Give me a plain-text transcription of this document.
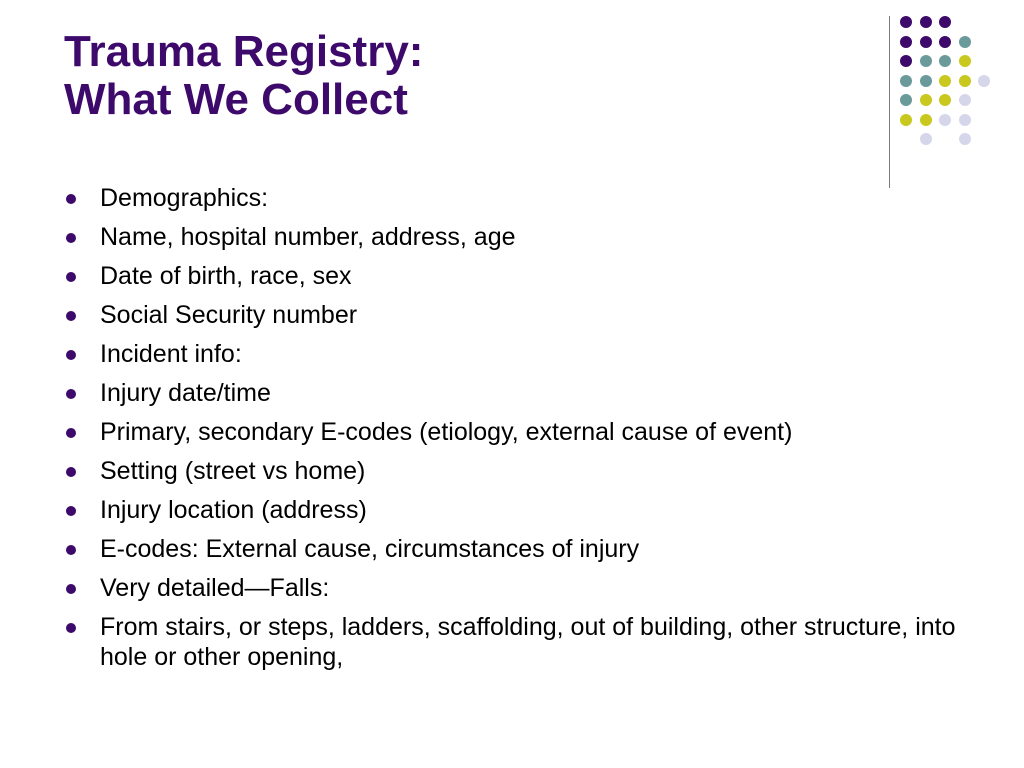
Trauma Registry:
What We Collect
Demographics:
Name, hospital number, address, age
Date of birth, race, sex
Social Security number
Incident info:
Injury date/time
Primary, secondary E-codes (etiology, external cause of event)
Setting (street vs home)
Injury location (address)
E-codes: External cause, circumstances of injury
Very detailed—Falls:
From stairs, or steps, ladders, scaffolding, out of building, other structure, into hole or other opening,
